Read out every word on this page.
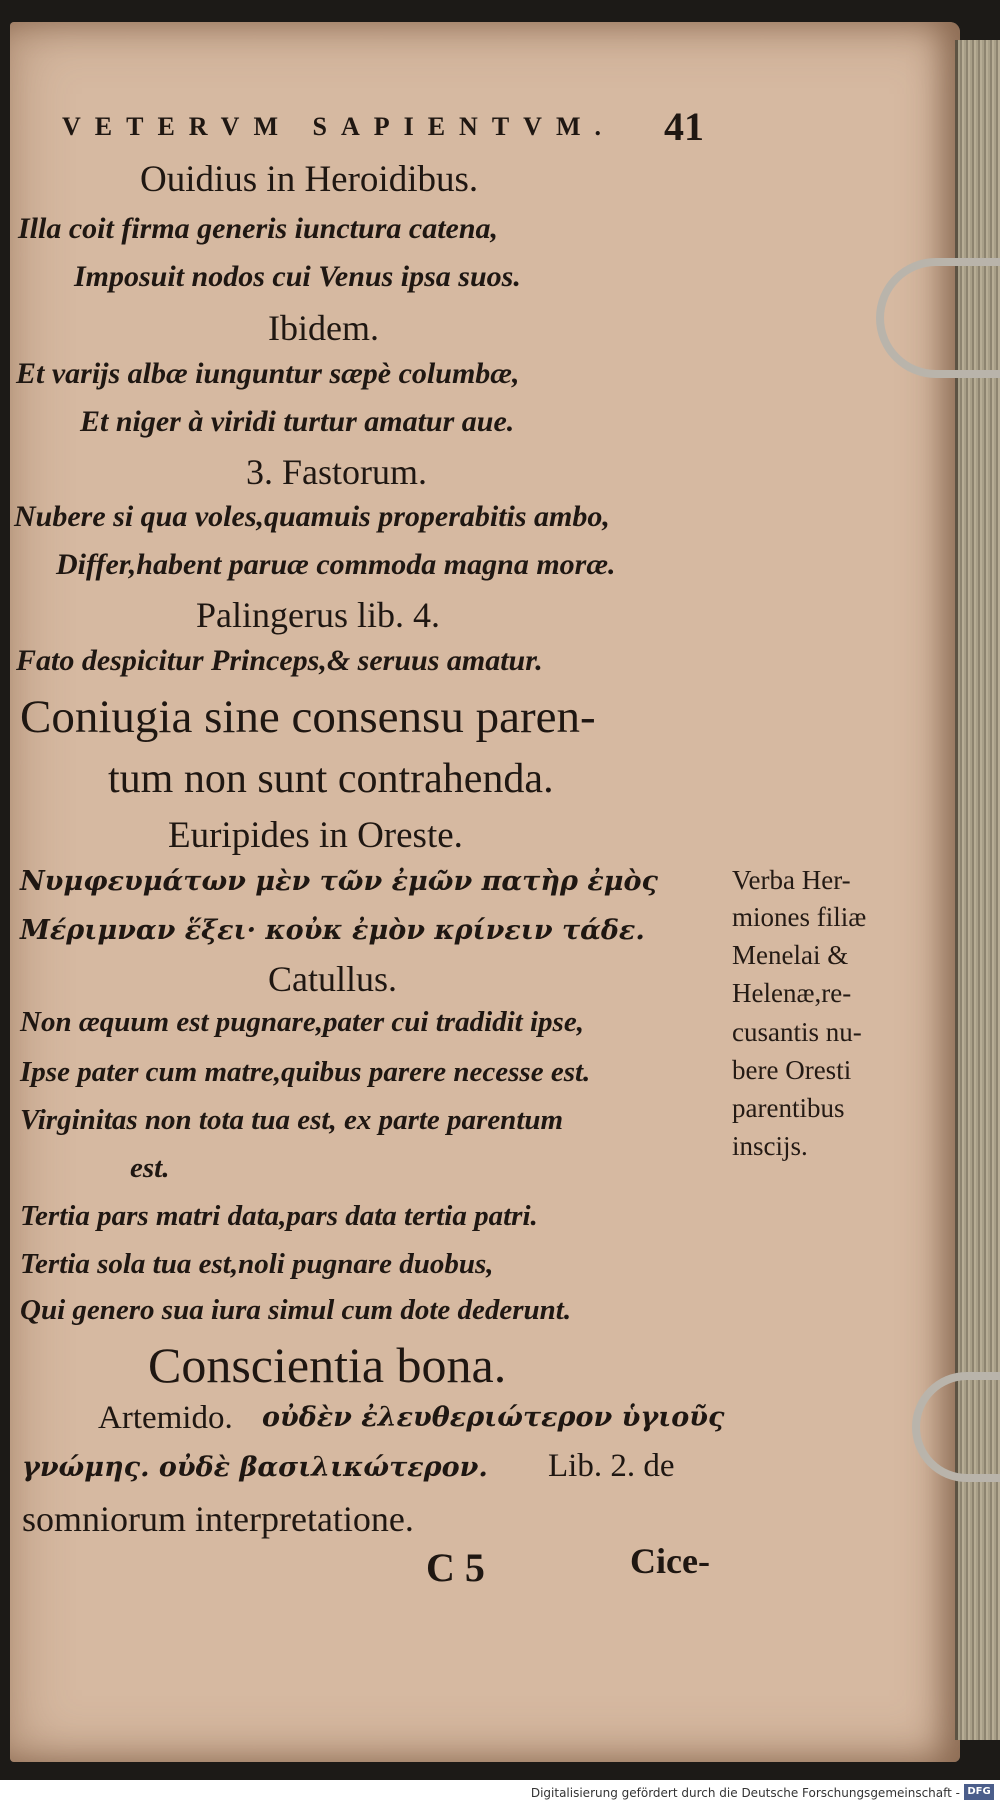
VETERVM SAPIENTVM. 41
Ouidius in Heroidibus.
Illa coit firma generis iunctura catena,
Imposuit nodos cui Venus ipsa suos.
Ibidem.
Et varijs albæ iunguntur sæpè columbæ,
Et niger à viridi turtur amatur aue.
3. Fastorum.
Nubere si qua voles,quamuis properabitis ambo,
Differ,habent paruæ commoda magna moræ.
Palingerus lib. 4.
Fato despicitur Princeps,& seruus amatur.
Coniugia sine consensu paren-
tum non sunt contrahenda.
Euripides in Oreste.
Νυμφευμάτων μὲν τῶν ἐμῶν πατὴρ ἐμὸς
Μέριμναν ἕξει· κοὐκ ἐμὸν κρίνειν τάδε.
Verba Her-
miones filiæ
Menelai &
Helenæ,re-
cusantis nu-
bere Oresti
parentibus
inscijs.
Catullus.
Non æquum est pugnare,pater cui tradidit ipse,
Ipse pater cum matre,quibus parere necesse est.
Virginitas non tota tua est, ex parte parentum
est.
Tertia pars matri data,pars data tertia patri.
Tertia sola tua est,noli pugnare duobus,
Qui genero sua iura simul cum dote dederunt.
Conscientia bona.
Artemido. οὐδὲν ἐλευθεριώτερον ὑγιοῦς
γνώμης. οὐδὲ βασιλικώτερον. Lib. 2. de
somniorum interpretatione.
C 5	Cice-
Digitalisierung gefördert durch die Deutsche Forschungsgemeinschaft - DFG
